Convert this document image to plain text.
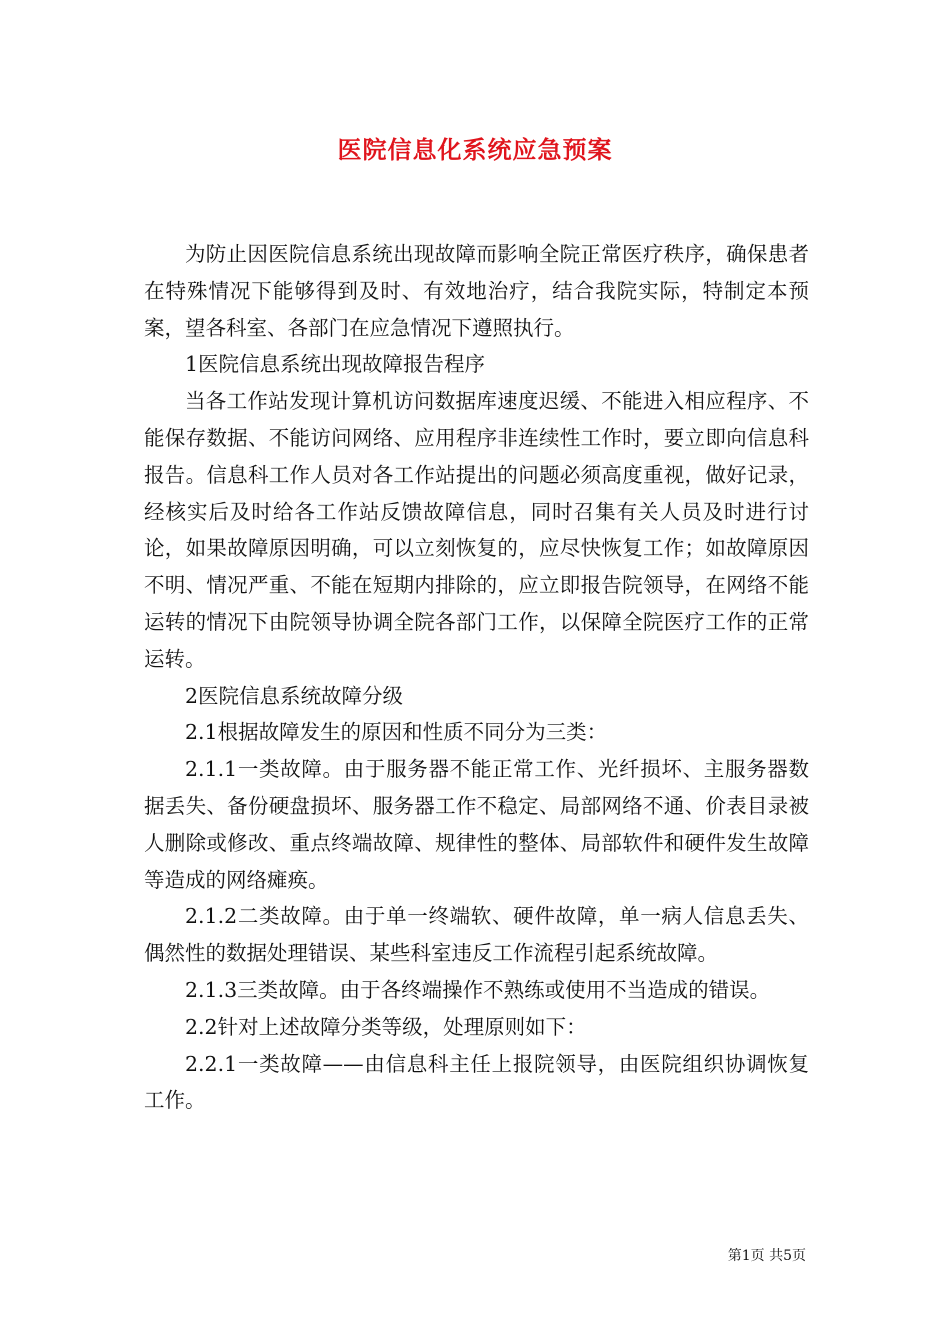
医院信息化系统应急预案

为防止因医院信息系统出现故障而影响全院正常医疗秩序，确保患者在特殊情况下能够得到及时、有效地治疗，结合我院实际，特制定本预案，望各科室、各部门在应急情况下遵照执行。

1医院信息系统出现故障报告程序

当各工作站发现计算机访问数据库速度迟缓、不能进入相应程序、不能保存数据、不能访问网络、应用程序非连续性工作时，要立即向信息科报告。信息科工作人员对各工作站提出的问题必须高度重视，做好记录，经核实后及时给各工作站反馈故障信息，同时召集有关人员及时进行讨论，如果故障原因明确，可以立刻恢复的，应尽快恢复工作；如故障原因不明、情况严重、不能在短期内排除的，应立即报告院领导，在网络不能运转的情况下由院领导协调全院各部门工作，以保障全院医疗工作的正常运转。

2医院信息系统故障分级

2.1根据故障发生的原因和性质不同分为三类：

2.1.1一类故障。由于服务器不能正常工作、光纤损坏、主服务器数据丢失、备份硬盘损坏、服务器工作不稳定、局部网络不通、价表目录被人删除或修改、重点终端故障、规律性的整体、局部软件和硬件发生故障等造成的网络瘫痪。

2.1.2二类故障。由于单一终端软、硬件故障，单一病人信息丢失、偶然性的数据处理错误、某些科室违反工作流程引起系统故障。

2.1.3三类故障。由于各终端操作不熟练或使用不当造成的错误。

2.2针对上述故障分类等级，处理原则如下：

2.2.1一类故障——由信息科主任上报院领导，由医院组织协调恢复工作。

第1页 共5页
